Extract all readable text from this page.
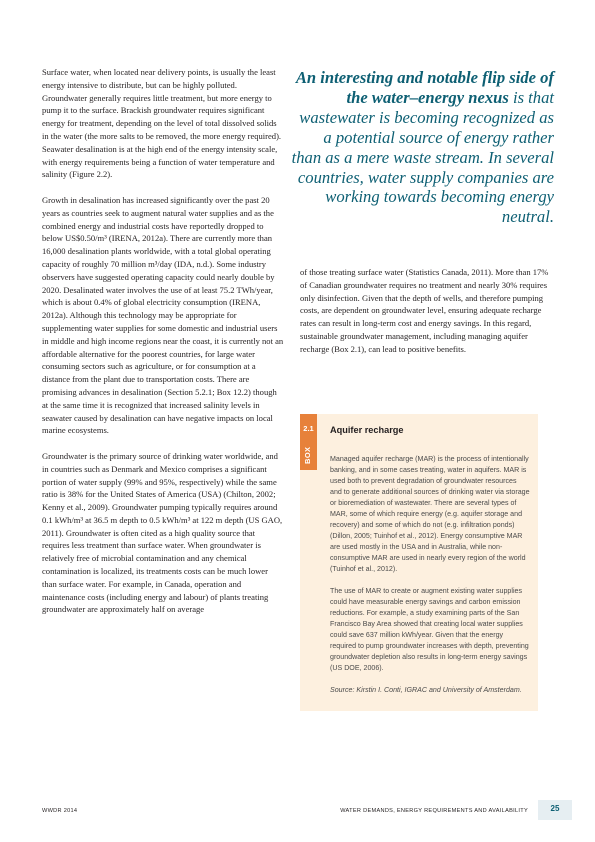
Surface water, when located near delivery points, is usually the least energy intensive to distribute, but can be highly polluted. Groundwater generally requires little treatment, but more energy to pump it to the surface. Brackish groundwater requires significant energy for treatment, depending on the level of total dissolved solids in the water (the more salts to be removed, the more energy required). Seawater desalination is at the high end of the energy intensity scale, with energy requirements being a function of water temperature and salinity (Figure 2.2).

Growth in desalination has increased significantly over the past 20 years as countries seek to augment natural water supplies and as the combined energy and industrial costs have reportedly dropped to below US$0.50/m³ (IRENA, 2012a). There are currently more than 16,000 desalination plants worldwide, with a total global operating capacity of roughly 70 million m³/day (IDA, n.d.). Some industry observers have suggested operating capacity could nearly double by 2020. Desalinated water involves the use of at least 75.2 TWh/year, which is about 0.4% of global electricity consumption (IRENA, 2012a). Although this technology may be appropriate for supplementing water supplies for some domestic and industrial users in middle and high income regions near the coast, it is currently not an affordable alternative for the poorest countries, for large water consuming sectors such as agriculture, or for consumption at a distance from the plant due to transportation costs. There are promising advances in desalination (Section 5.2.1; Box 12.2) though at the same time it is recognized that increased salinity levels in seawater caused by desalination can have negative impacts on local marine ecosystems.

Groundwater is the primary source of drinking water worldwide, and in countries such as Denmark and Mexico comprises a significant portion of water supply (99% and 95%, respectively) while the same ratio is 38% for the United States of America (USA) (Chilton, 2002; Kenny et al., 2009). Groundwater pumping typically requires around 0.1 kWh/m³ at 36.5 m depth to 0.5 kWh/m³ at 122 m depth (US GAO, 2011). Groundwater is often cited as a high quality source that requires less treatment than surface water. When groundwater is relatively free of microbial contamination and any chemical contamination is localized, its treatments costs can be much lower than surface water. For example, in Canada, operation and maintenance costs (including energy and labour) of plants treating groundwater are approximately half on average

An interesting and notable flip side of the water–energy nexus is that wastewater is becoming recognized as a potential source of energy rather than as a mere waste stream. In several countries, water supply companies are working towards becoming energy neutral.

of those treating surface water (Statistics Canada, 2011). More than 17% of Canadian groundwater requires no treatment and nearly 30% requires only disinfection. Given that the depth of wells, and therefore pumping costs, are dependent on groundwater level, ensuring adequate recharge rates can result in long-term cost and energy savings. In this regard, sustainable groundwater management, including managing aquifer recharge (Box 2.1), can lead to positive benefits.

2.1
BOX
Aquifer recharge

Managed aquifer recharge (MAR) is the process of intentionally banking, and in some cases treating, water in aquifers. MAR is used both to prevent degradation of groundwater resources and to generate additional sources of drinking water via storage or bioremediation of wastewater. There are several types of MAR, some of which require energy (e.g. aquifer storage and recovery) and some of which do not (e.g. infiltration ponds) (Dillon, 2005; Tuinhof et al., 2012). Energy consumptive MAR are used mostly in the USA and in Australia, while non-consumptive MAR are used in nearly every region of the world (Tuinhof et al., 2012).

The use of MAR to create or augment existing water supplies could have measurable energy savings and carbon emission reductions. For example, a study examining parts of the San Francisco Bay Area showed that creating local water supplies could save 637 million kWh/year. Given that the energy required to pump groundwater increases with depth, preventing groundwater depletion also results in long-term energy savings (US DOE, 2006).

Source: Kirstin I. Conti, IGRAC and University of Amsterdam.

WWDR 2014	WATER DEMANDS, ENERGY REQUIREMENTS AND AVAILABILITY	25
